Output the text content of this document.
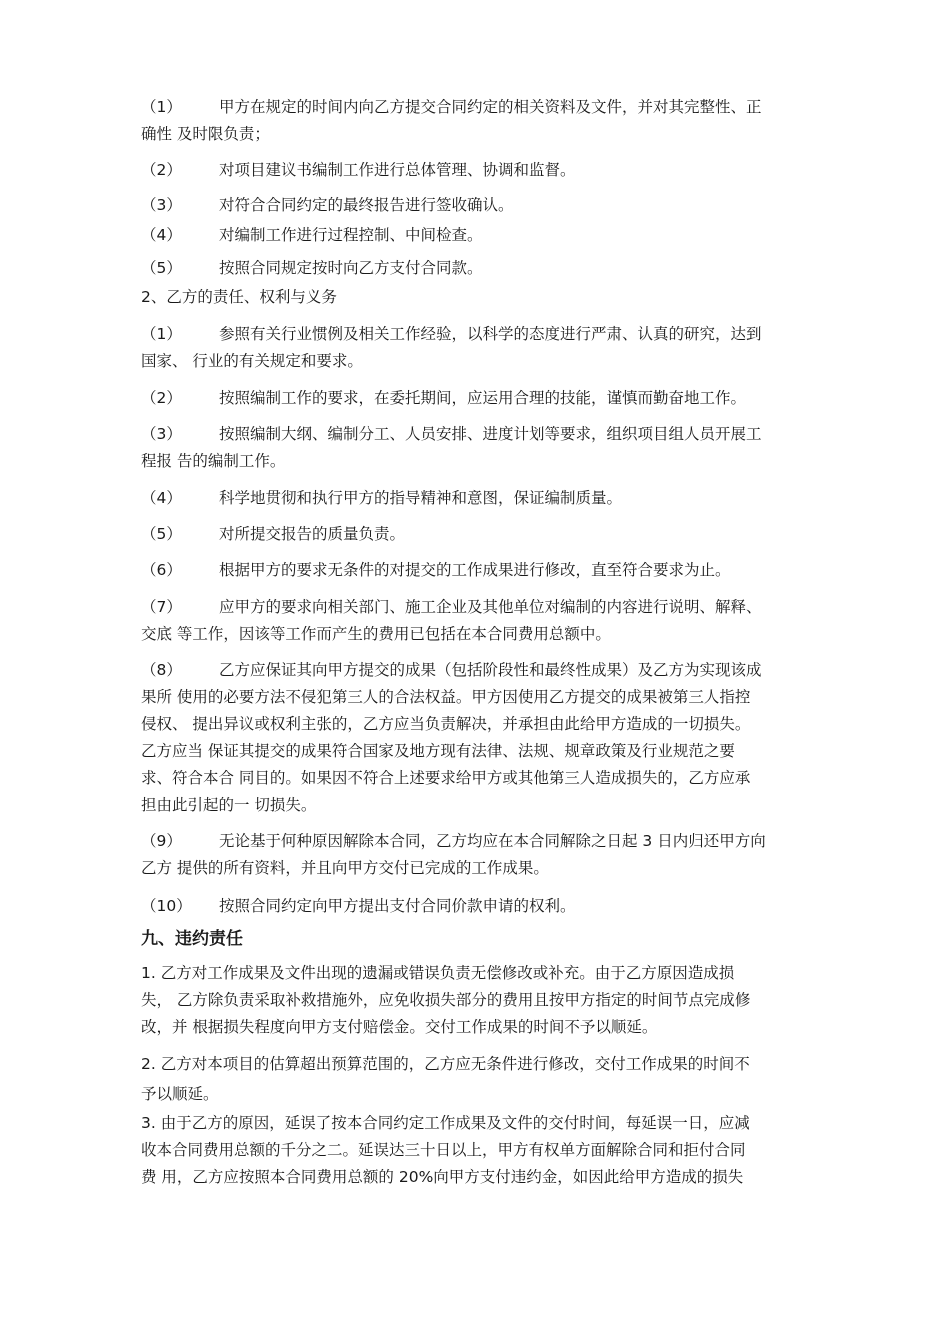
（1） 甲方在规定的时间内向乙方提交合同约定的相关资料及文件，并对其完整性、正
确性 及时限负责；
（2） 对项目建议书编制工作进行总体管理、协调和监督。
（3） 对符合合同约定的最终报告进行签收确认。
（4） 对编制工作进行过程控制、中间检查。
（5） 按照合同规定按时向乙方支付合同款。
2、乙方的责任、权利与义务
（1） 参照有关行业惯例及相关工作经验，以科学的态度进行严肃、认真的研究，达到
国家、 行业的有关规定和要求。
（2） 按照编制工作的要求，在委托期间，应运用合理的技能，谨慎而勤奋地工作。
（3） 按照编制大纲、编制分工、人员安排、进度计划等要求，组织项目组人员开展工
程报 告的编制工作。
（4） 科学地贯彻和执行甲方的指导精神和意图，保证编制质量。
（5） 对所提交报告的质量负责。
（6） 根据甲方的要求无条件的对提交的工作成果进行修改，直至符合要求为止。
（7） 应甲方的要求向相关部门、施工企业及其他单位对编制的内容进行说明、解释、
交底 等工作，因该等工作而产生的费用已包括在本合同费用总额中。
（8） 乙方应保证其向甲方提交的成果（包括阶段性和最终性成果）及乙方为实现该成
果所 使用的必要方法不侵犯第三人的合法权益。甲方因使用乙方提交的成果被第三人指控
侵权、 提出异议或权利主张的，乙方应当负责解决，并承担由此给甲方造成的一切损失。
乙方应当 保证其提交的成果符合国家及地方现有法律、法规、规章政策及行业规范之要
求、符合本合 同目的。如果因不符合上述要求给甲方或其他第三人造成损失的，乙方应承
担由此引起的一 切损失。
（9） 无论基于何种原因解除本合同，乙方均应在本合同解除之日起 3 日内归还甲方向
乙方 提供的所有资料，并且向甲方交付已完成的工作成果。
（10） 按照合同约定向甲方提出支付合同价款申请的权利。
九、违约责任
1. 乙方对工作成果及文件出现的遗漏或错误负责无偿修改或补充。由于乙方原因造成损
失， 乙方除负责采取补救措施外，应免收损失部分的费用且按甲方指定的时间节点完成修
改，并 根据损失程度向甲方支付赔偿金。交付工作成果的时间不予以顺延。
2. 乙方对本项目的估算超出预算范围的，乙方应无条件进行修改，交付工作成果的时间不
予以顺延。
3. 由于乙方的原因，延误了按本合同约定工作成果及文件的交付时间，每延误一日，应减
收本合同费用总额的千分之二。延误达三十日以上，甲方有权单方面解除合同和拒付合同
费 用，乙方应按照本合同费用总额的 20%向甲方支付违约金，如因此给甲方造成的损失
